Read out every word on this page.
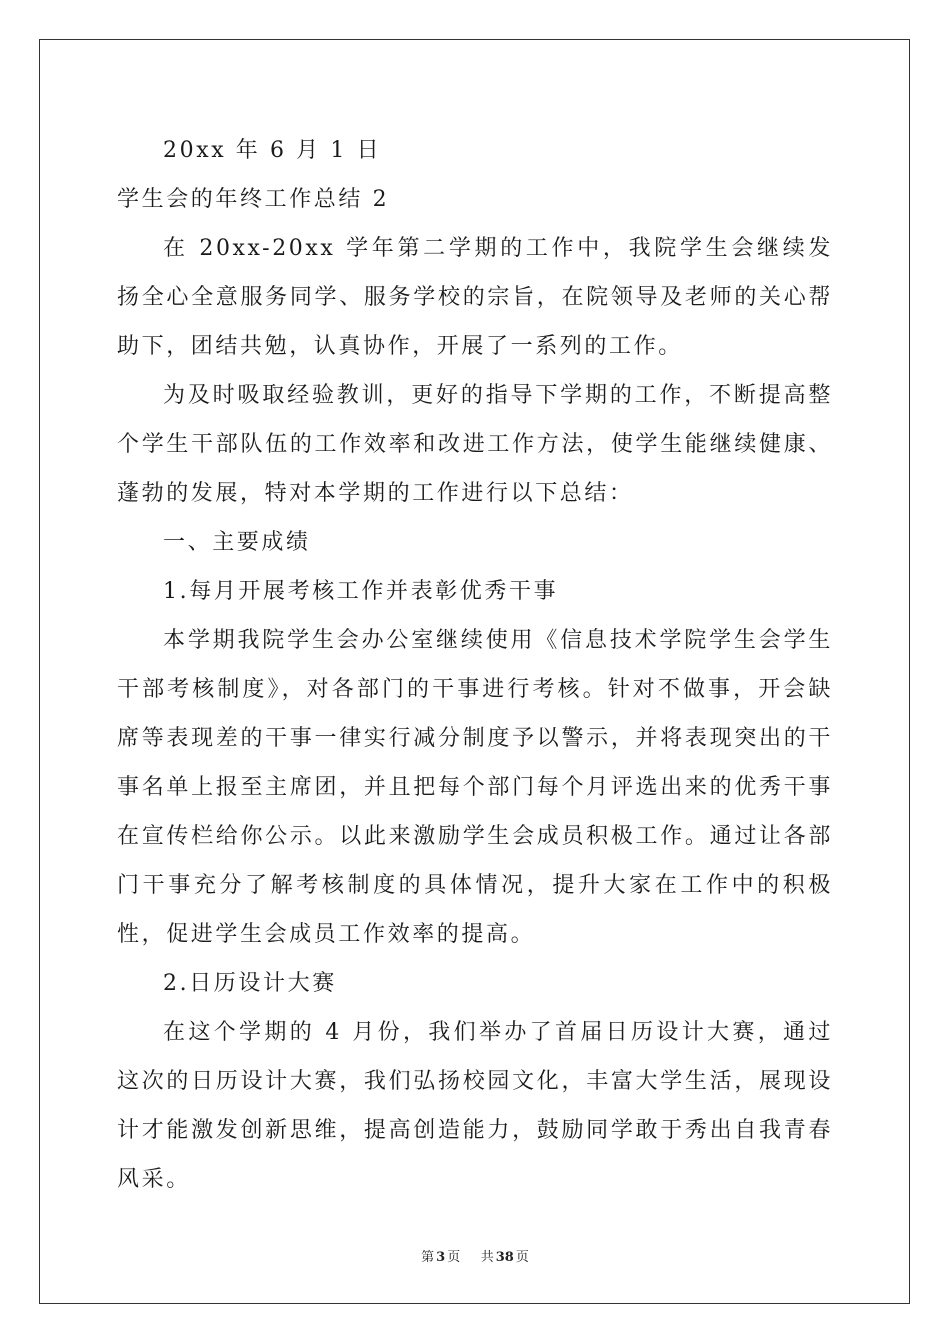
20xx 年 6 月 1 日
学生会的年终工作总结 2

在 20xx-20xx 学年第二学期的工作中，我院学生会继续发扬全心全意服务同学、服务学校的宗旨，在院领导及老师的关心帮助下，团结共勉，认真协作，开展了一系列的工作。

为及时吸取经验教训，更好的指导下学期的工作，不断提高整个学生干部队伍的工作效率和改进工作方法，使学生能继续健康、蓬勃的发展，特对本学期的工作进行以下总结：

一、主要成绩
1.每月开展考核工作并表彰优秀干事

本学期我院学生会办公室继续使用《信息技术学院学生会学生干部考核制度》，对各部门的干事进行考核。针对不做事，开会缺席等表现差的干事一律实行减分制度予以警示，并将表现突出的干事名单上报至主席团，并且把每个部门每个月评选出来的优秀干事在宣传栏给你公示。以此来激励学生会成员积极工作。通过让各部门干事充分了解考核制度的具体情况，提升大家在工作中的积极性，促进学生会成员工作效率的提高。

2.日历设计大赛

在这个学期的 4 月份，我们举办了首届日历设计大赛，通过这次的日历设计大赛，我们弘扬校园文化，丰富大学生活，展现设计才能激发创新思维，提高创造能力，鼓励同学敢于秀出自我青春风采。

第 3 页 共 38 页
